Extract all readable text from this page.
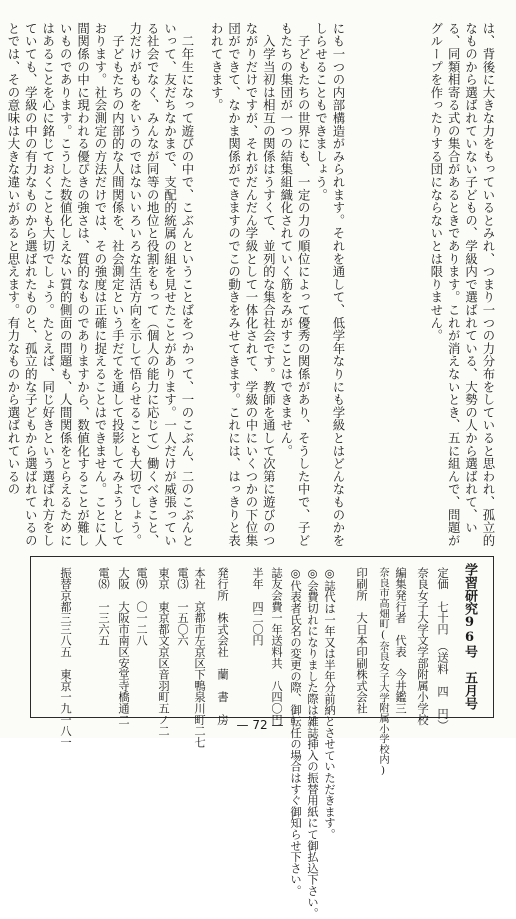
は、背後に大きな力をもっているとみれ、つまり一つの力分布をしていると思われ、孤立的なものから選ばれていない子どもの、学級内で選ばれている、大勢の人から選ばれて、いる、同類相寄る式の集合があるときであります。これが消えないとき、五に組んで、問題がグループを作ったりする団にならないとは限りません。
にも一つの内部構造がみられます。それを通して、低学年なりにも学級とはどんなものかをしらせることもできましょう。
　子どもたちの世界にも、一定の力の順位によって優秀の関係があり、そうした中で、子どもたちの集団が一つの結集組織化されていく筋をみがすことはできません。
　入学当初は相互の関係はうすくて、並列的な集合社会です。教師を通して次第に遊びのつながりだけですが、それがだんだん学級として一体化されて、学級の中にいくつかの下位集団ができて、なかま関係ができますのでこの動きをみせてきます。これには、はっきりと表われてきます。
　二年生になって遊びの中で、こぶんということばをつかって、一のこぶん、二のこぶんといって、友だちなかまで、支配的統属の組を見せたことがあります。一人だけが威張っている社会でなく、みんなが同等の地位と役割をもって（個人の能力に応じて）働くべきこと、力だけがものをいうのではないいろいろな生活方向を示して悟らせることも大切でしょう。
　子どもたちの内部的な人間関係を、社会測定という手だてを通して投影してみようとしております。社会測定の方法だけでは、その強度は正確に捉えることはできません。ことに人間関係の中に現われる優ぴきの強さは、質的なものでありますから、数値化することが難しいものであります。こうした数値化しえない質的側面の問題も、人間関係をとらえるためにはあることを心に銘じておくことも大切でしょう。たとえば、同じ好きという選ばれ方をしていても、学級の中の有力なものから選ばれたものと、孤立的な子どもから選ばれているのとでは、その意味は大きな違いがあると思えます。有力なものから選ばれているの
学習研究96号　五月号
定価　七十円　（送料　四　円）
奈良女子大学文学部附属小学校
編集発行者　代表　今井鑑三
奈良市高畑町(奈良女子大学附属小学校内)
印刷所　大日本印刷株式会社
◎誌代は一年又は半年分前納とさせていただきます。
◎会費切れになりました際は雑誌挿入の振替用紙にて御払込下さい。
◎代表者氏名の変更の際、御転任の場合はすぐ御知らせ下さい。
誌友会費一年送料共　八四〇円
半年　四二〇円
発行所　株式会社　蘭　書　房
本社　京都市左京区下鴨泉川町二七
電⑶　一五〇六
東京　東京都文京区音羽町五ノ二
電⑼　〇一二八
大阪　大阪市南区安堂寺橋通二
電⑻　一三六五
振替京都三三八五　東京一九一八一	— 72 —
